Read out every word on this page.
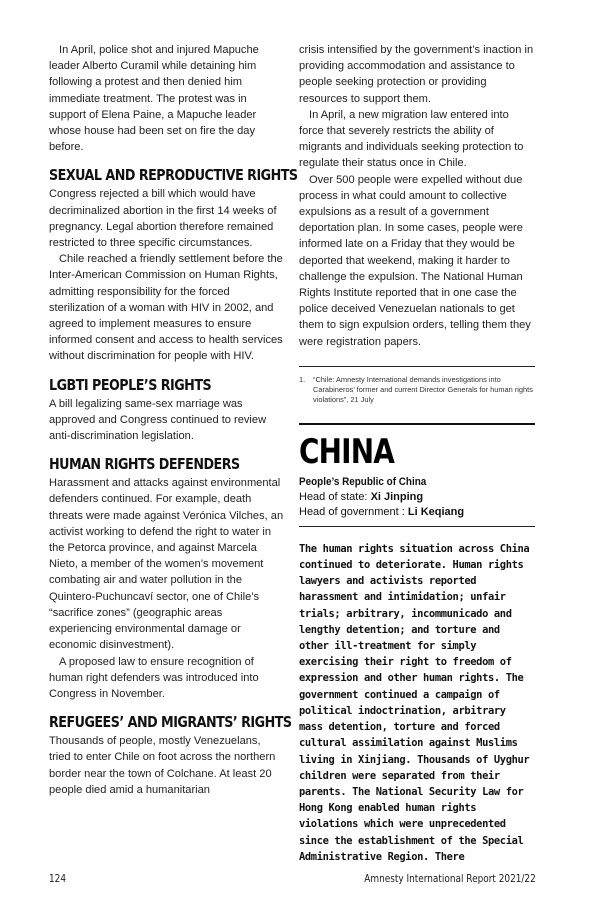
In April, police shot and injured Mapuche leader Alberto Curamil while detaining him following a protest and then denied him immediate treatment. The protest was in support of Elena Paine, a Mapuche leader whose house had been set on fire the day before.

SEXUAL AND REPRODUCTIVE RIGHTS

Congress rejected a bill which would have decriminalized abortion in the first 14 weeks of pregnancy. Legal abortion therefore remained restricted to three specific circumstances.

Chile reached a friendly settlement before the Inter-American Commission on Human Rights, admitting responsibility for the forced sterilization of a woman with HIV in 2002, and agreed to implement measures to ensure informed consent and access to health services without discrimination for people with HIV.

LGBTI PEOPLE’S RIGHTS

A bill legalizing same-sex marriage was approved and Congress continued to review anti-discrimination legislation.

HUMAN RIGHTS DEFENDERS

Harassment and attacks against environmental defenders continued. For example, death threats were made against Verónica Vilches, an activist working to defend the right to water in the Petorca province, and against Marcela Nieto, a member of the women’s movement combating air and water pollution in the Quintero-Puchuncaví sector, one of Chile’s “sacrifice zones” (geographic areas experiencing environmental damage or economic disinvestment).

A proposed law to ensure recognition of human right defenders was introduced into Congress in November.

REFUGEES’ AND MIGRANTS’ RIGHTS

Thousands of people, mostly Venezuelans, tried to enter Chile on foot across the northern border near the town of Colchane. At least 20 people died amid a humanitarian

crisis intensified by the government’s inaction in providing accommodation and assistance to people seeking protection or providing resources to support them.

In April, a new migration law entered into force that severely restricts the ability of migrants and individuals seeking protection to regulate their status once in Chile.

Over 500 people were expelled without due process in what could amount to collective expulsions as a result of a government deportation plan. In some cases, people were informed late on a Friday that they would be deported that weekend, making it harder to challenge the expulsion. The National Human Rights Institute reported that in one case the police deceived Venezuelan nationals to get them to sign expulsion orders, telling them they were registration papers.

1.	“Chile: Amnesty International demands investigations into Carabineros’ former and current Director Generals for human rights violations”, 21 July
CHINA
People’s Republic of China
Head of state: Xi Jinping
Head of government : Li Keqiang

The human rights situation across China continued to deteriorate. Human rights lawyers and activists reported harassment and intimidation; unfair trials; arbitrary, incommunicado and lengthy detention; and torture and other ill-treatment for simply exercising their right to freedom of expression and other human rights. The government continued a campaign of political indoctrination, arbitrary mass detention, torture and forced cultural assimilation against Muslims living in Xinjiang. Thousands of Uyghur children were separated from their parents. The National Security Law for Hong Kong enabled human rights violations which were unprecedented since the establishment of the Special Administrative Region. There

124	Amnesty International Report 2021/22
